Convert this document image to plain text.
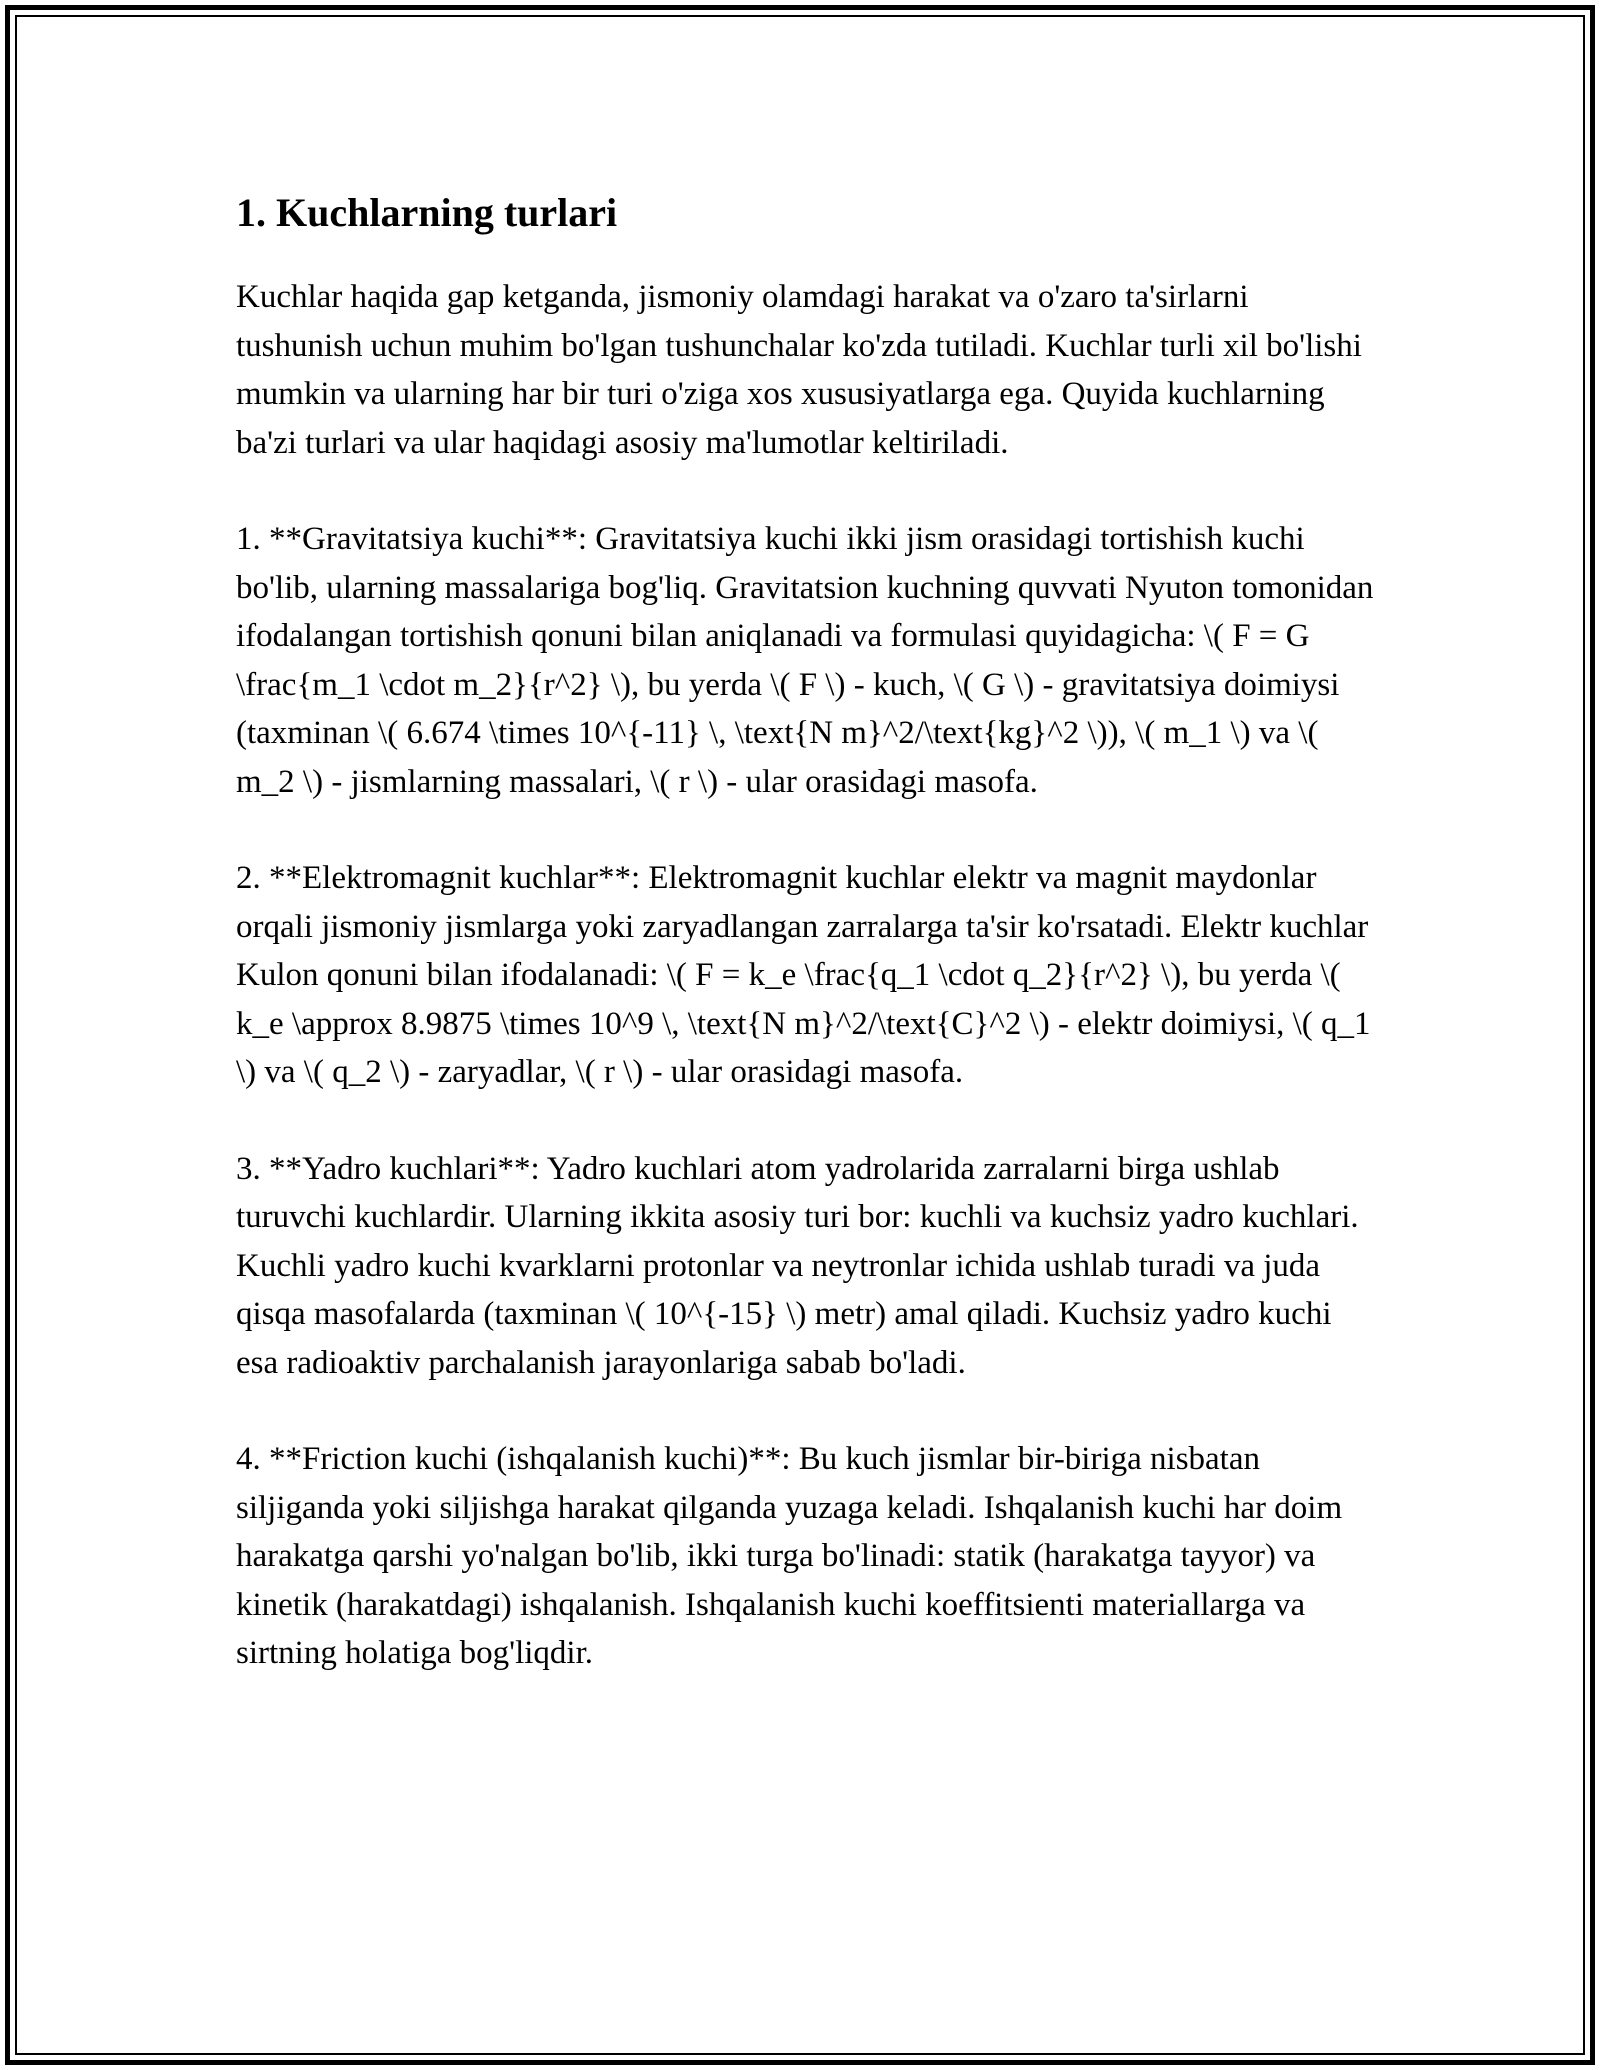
1. Kuchlarning turlari

Kuchlar haqida gap ketganda, jismoniy olamdagi harakat va o'zaro ta'sirlarni tushunish uchun muhim bo'lgan tushunchalar ko'zda tutiladi. Kuchlar turli xil bo'lishi mumkin va ularning har bir turi o'ziga xos xususiyatlarga ega. Quyida kuchlarning ba'zi turlari va ular haqidagi asosiy ma'lumotlar keltiriladi.

1. **Gravitatsiya kuchi**: Gravitatsiya kuchi ikki jism orasidagi tortishish kuchi bo'lib, ularning massalariga bog'liq. Gravitatsion kuchning quvvati Nyuton tomonidan ifodalangan tortishish qonuni bilan aniqlanadi va formulasi quyidagicha: \( F = G \frac{m_1 \cdot m_2}{r^2} \), bu yerda \( F \) - kuch, \( G \) - gravitatsiya doimiysi (taxminan \( 6.674 \times 10^{-11} \, \text{N m}^2/\text{kg}^2 \)), \( m_1 \) va \( m_2 \) - jismlarning massalari, \( r \) - ular orasidagi masofa.

2. **Elektromagnit kuchlar**: Elektromagnit kuchlar elektr va magnit maydonlar orqali jismoniy jismlarga yoki zaryadlangan zarralarga ta'sir ko'rsatadi. Elektr kuchlar Kulon qonuni bilan ifodalanadi: \( F = k_e \frac{q_1 \cdot q_2}{r^2} \), bu yerda \( k_e \approx 8.9875 \times 10^9 \, \text{N m}^2/\text{C}^2 \) - elektr doimiysi, \( q_1 \) va \( q_2 \) - zaryadlar, \( r \) - ular orasidagi masofa.

3. **Yadro kuchlari**: Yadro kuchlari atom yadrolarida zarralarni birga ushlab turuvchi kuchlardir. Ularning ikkita asosiy turi bor: kuchli va kuchsiz yadro kuchlari. Kuchli yadro kuchi kvarklarni protonlar va neytronlar ichida ushlab turadi va juda qisqa masofalarda (taxminan \( 10^{-15} \) metr) amal qiladi. Kuchsiz yadro kuchi esa radioaktiv parchalanish jarayonlariga sabab bo'ladi.

4. **Friction kuchi (ishqalanish kuchi)**: Bu kuch jismlar bir-biriga nisbatan siljiganda yoki siljishga harakat qilganda yuzaga keladi. Ishqalanish kuchi har doim harakatga qarshi yo'nalgan bo'lib, ikki turga bo'linadi: statik (harakatga tayyor) va kinetik (harakatdagi) ishqalanish. Ishqalanish kuchi koeffitsienti materiallarga va sirtning holatiga bog'liqdir.
